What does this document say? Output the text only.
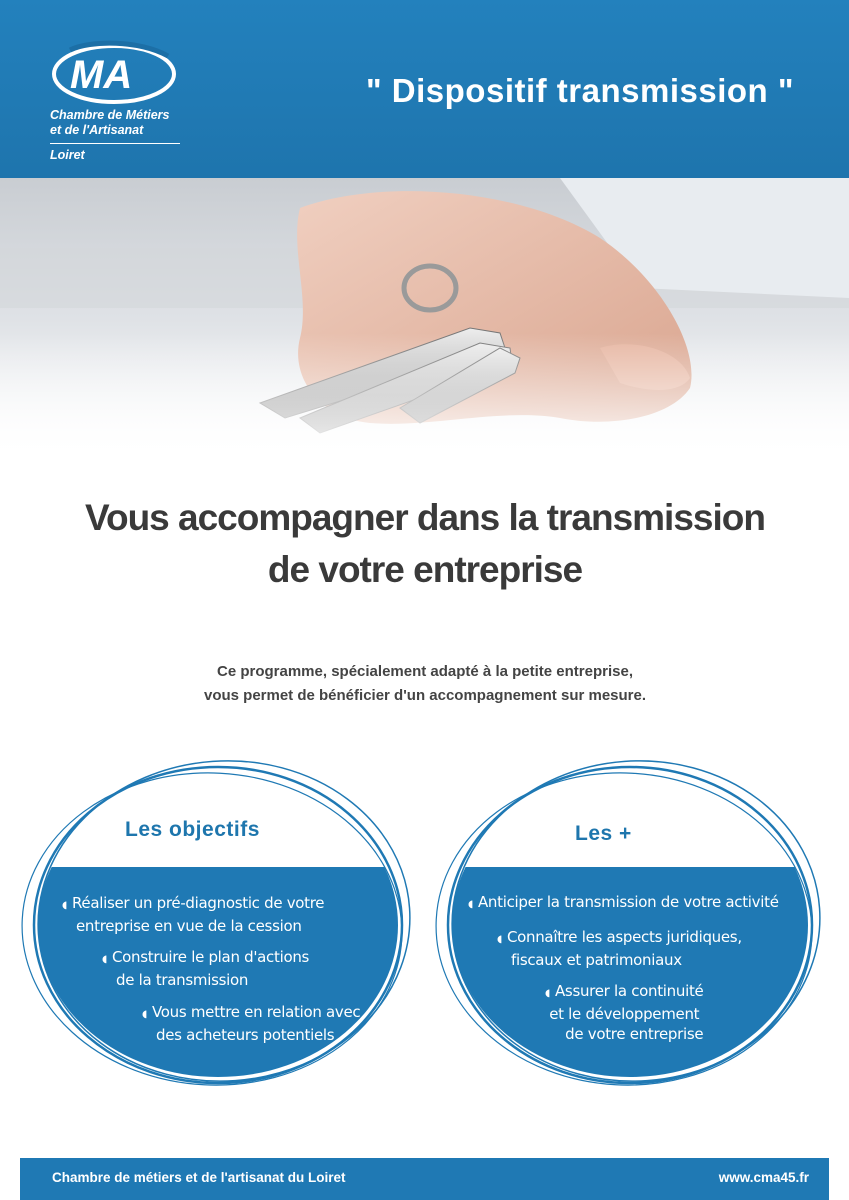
MA
Chambre de Métiers
et de l'Artisanat
Loiret
" Dispositif transmission "
Vous accompagner dans la transmission
de votre entreprise
Ce programme, spécialement adapté à la petite entreprise,
vous permet de bénéficier d'un accompagnement sur mesure.
Les objectifs	Les +
◖ Réaliser un pré-diagnostic de votre
entreprise en vue de la cession
◖ Construire le plan d'actions
de la transmission
◖ Vous mettre en relation avec
des acheteurs potentiels
◖ Anticiper la transmission de votre activité
◖ Connaître les aspects juridiques,
fiscaux et patrimoniaux
◖ Assurer la continuité
et le développement
de votre entreprise
Chambre de métiers et de l'artisanat du Loiret	www.cma45.fr
